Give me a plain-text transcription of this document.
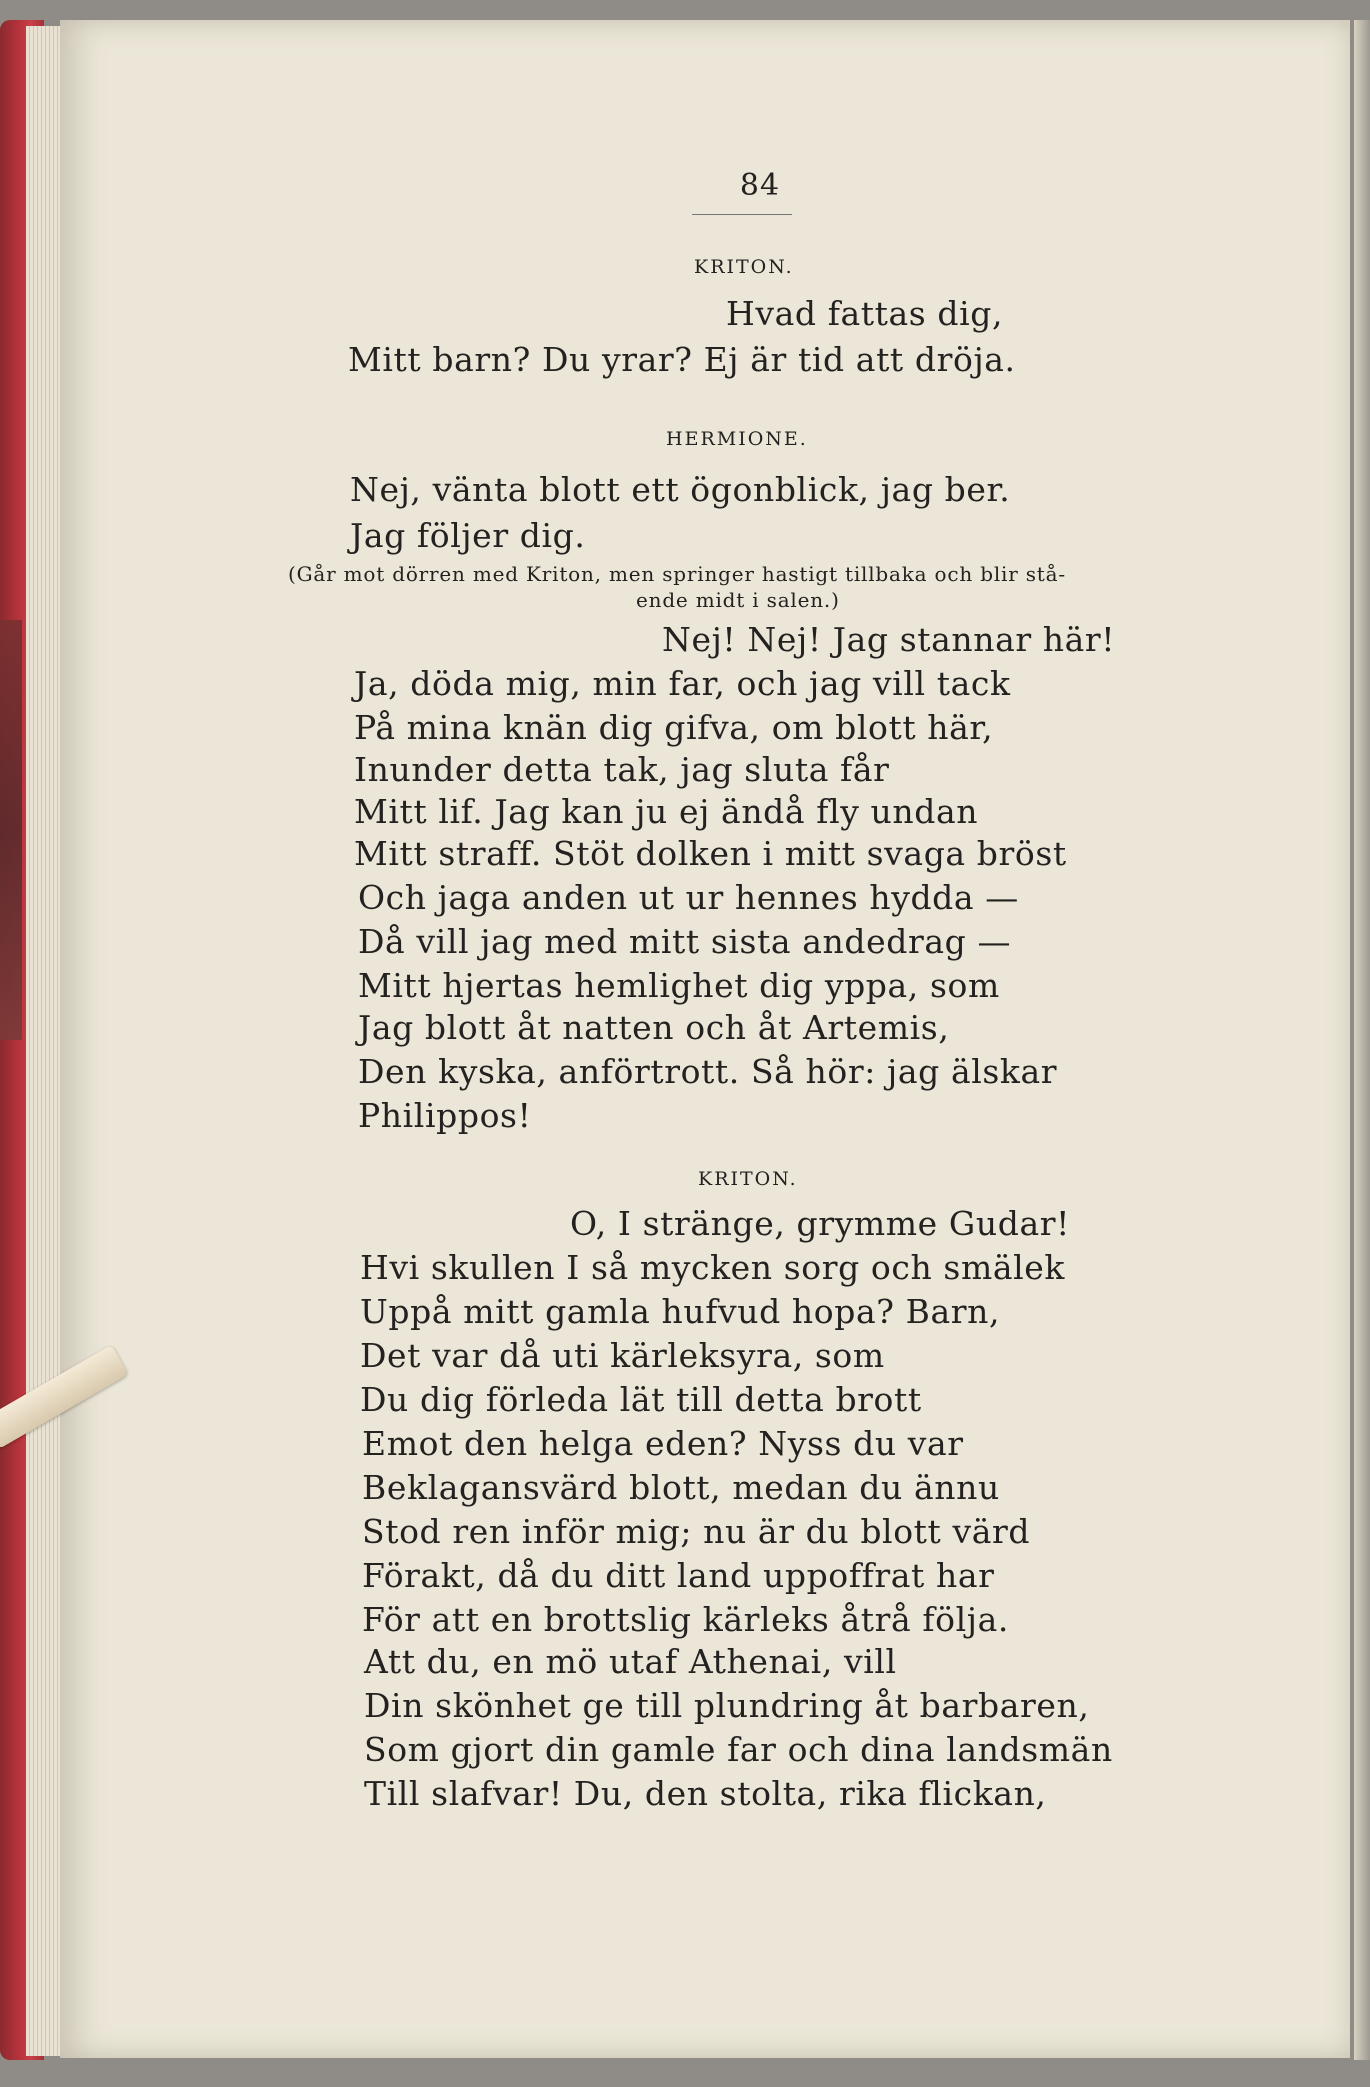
84
KRITON.
Hvad fattas dig,
Mitt barn? Du yrar? Ej är tid att dröja.
HERMIONE.
Nej, vänta blott ett ögonblick, jag ber.
Jag följer dig.
(Går mot dörren med Kriton, men springer hastigt tillbaka och blir stå-
ende midt i salen.)
Nej! Nej! Jag stannar här!
Ja, döda mig, min far, och jag vill tack
På mina knän dig gifva, om blott här,
Inunder detta tak, jag sluta får
Mitt lif. Jag kan ju ej ändå fly undan
Mitt straff. Stöt dolken i mitt svaga bröst
Och jaga anden ut ur hennes hydda —
Då vill jag med mitt sista andedrag —
Mitt hjertas hemlighet dig yppa, som
Jag blott åt natten och åt Artemis,
Den kyska, anförtrott. Så hör: jag älskar
Philippos!
KRITON.
O, I stränge, grymme Gudar!
Hvi skullen I så mycken sorg och smälek
Uppå mitt gamla hufvud hopa? Barn,
Det var då uti kärleksyra, som
Du dig förleda lät till detta brott
Emot den helga eden? Nyss du var
Beklagansvärd blott, medan du ännu
Stod ren inför mig; nu är du blott värd
Förakt, då du ditt land uppoffrat har
För att en brottslig kärleks åtrå följa.
Att du, en mö utaf Athenai, vill
Din skönhet ge till plundring åt barbaren,
Som gjort din gamle far och dina landsmän
Till slafvar! Du, den stolta, rika flickan,
